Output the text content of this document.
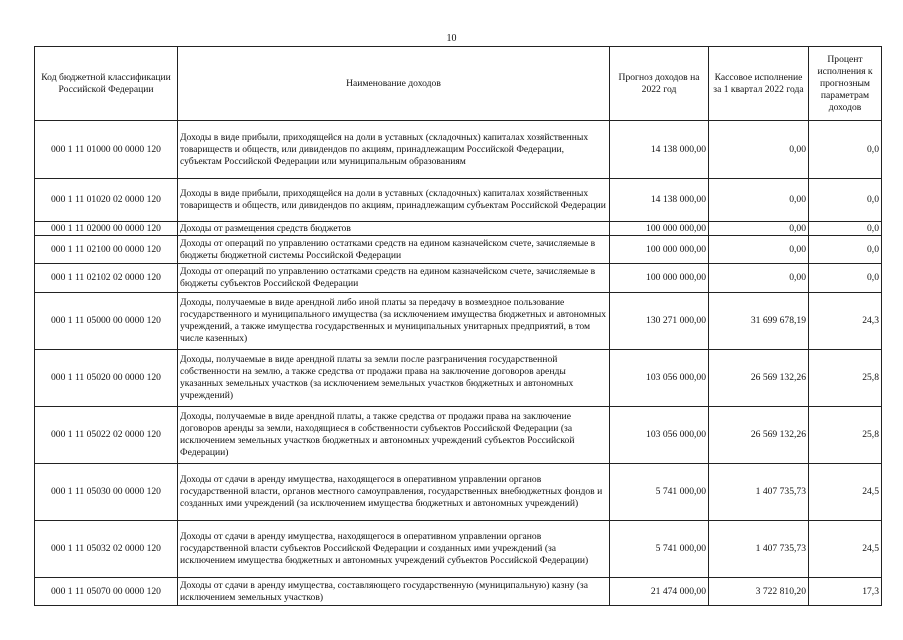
10
Код бюджетной классификации Российской Федерации	Наименование доходов	Прогноз доходов на 2022 год	Кассовое исполнение за 1 квартал 2022 года	Процент исполнения к прогнозным параметрам доходов
000 1 11 01000 00 0000 120	Доходы в виде прибыли, приходящейся на доли в уставных (складочных) капиталах хозяйственных товариществ и обществ, или дивидендов по акциям, принадлежащим Российской Федерации, субъектам Российской Федерации или муниципальным образованиям	14 138 000,00	0,00	0,0
000 1 11 01020 02 0000 120	Доходы в виде прибыли, приходящейся на доли в уставных (складочных) капиталах хозяйственных товариществ и обществ, или дивидендов по акциям, принадлежащим субъектам Российской Федерации	14 138 000,00	0,00	0,0
000 1 11 02000 00 0000 120	Доходы от размещения средств бюджетов	100 000 000,00	0,00	0,0
000 1 11 02100 00 0000 120	Доходы от операций по управлению остатками средств на едином казначейском счете, зачисляемые в бюджеты бюджетной системы Российской Федерации	100 000 000,00	0,00	0,0
000 1 11 02102 02 0000 120	Доходы от операций по управлению остатками средств на едином казначейском счете, зачисляемые в бюджеты субъектов Российской Федерации	100 000 000,00	0,00	0,0
000 1 11 05000 00 0000 120	Доходы, получаемые в виде арендной либо иной платы за передачу в возмездное пользование государственного и муниципального имущества (за исключением имущества бюджетных и автономных учреждений, а также имущества государственных и муниципальных унитарных предприятий, в том числе казенных)	130 271 000,00	31 699 678,19	24,3
000 1 11 05020 00 0000 120	Доходы, получаемые в виде арендной платы за земли после разграничения государственной собственности на землю, а также средства от продажи права на заключение договоров аренды указанных земельных участков (за исключением земельных участков бюджетных и автономных учреждений)	103 056 000,00	26 569 132,26	25,8
000 1 11 05022 02 0000 120	Доходы, получаемые в виде арендной платы, а также средства от продажи права на заключение договоров аренды за земли, находящиеся в собственности субъектов Российской Федерации (за исключением земельных участков бюджетных и автономных учреждений субъектов Российской Федерации)	103 056 000,00	26 569 132,26	25,8
000 1 11 05030 00 0000 120	Доходы от сдачи в аренду имущества, находящегося в оперативном управлении органов государственной власти, органов местного самоуправления, государственных внебюджетных фондов и созданных ими учреждений (за исключением имущества бюджетных и автономных учреждений)	5 741 000,00	1 407 735,73	24,5
000 1 11 05032 02 0000 120	Доходы от сдачи в аренду имущества, находящегося в оперативном управлении органов государственной власти субъектов Российской Федерации и созданных ими учреждений (за исключением имущества бюджетных и автономных учреждений субъектов Российской Федерации)	5 741 000,00	1 407 735,73	24,5
000 1 11 05070 00 0000 120	Доходы от сдачи в аренду имущества, составляющего государственную (муниципальную) казну (за исключением земельных участков)	21 474 000,00	3 722 810,20	17,3
